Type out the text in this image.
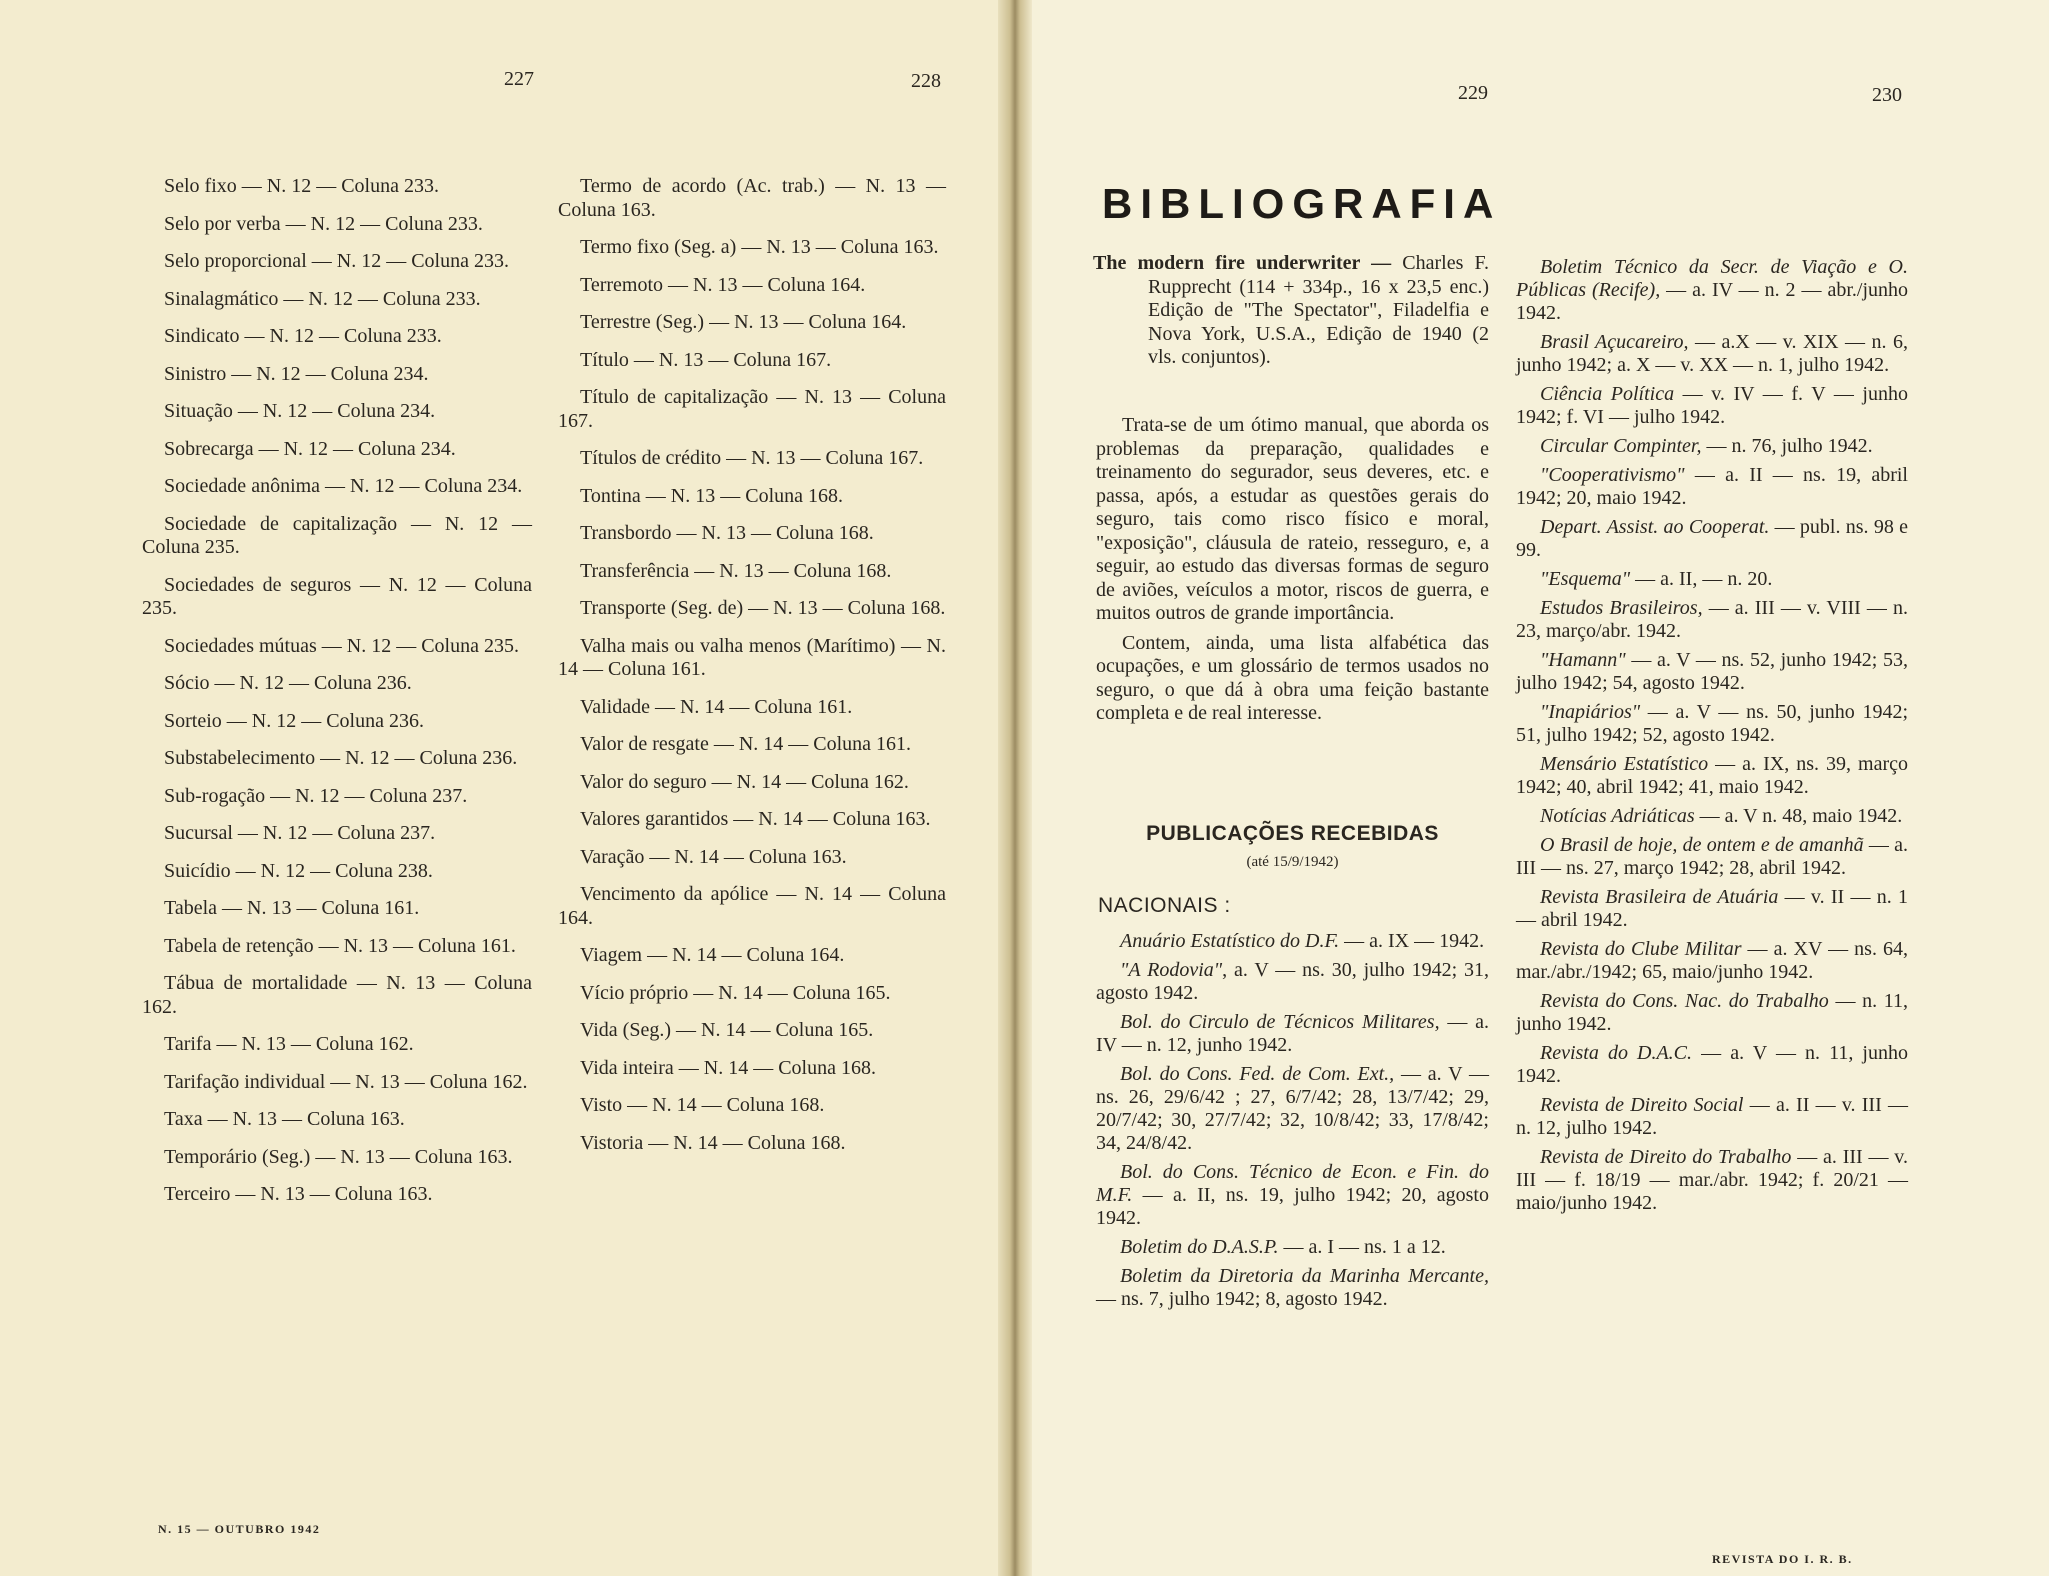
227	228

Selo fixo — N. 12 — Coluna 233.

Selo por verba — N. 12 — Coluna 233.

Selo proporcional — N. 12 — Coluna 233.

Sinalagmático — N. 12 — Coluna 233.

Sindicato — N. 12 — Coluna 233.

Sinistro — N. 12 — Coluna 234.

Situação — N. 12 — Coluna 234.

Sobrecarga — N. 12 — Coluna 234.

Sociedade anônima — N. 12 — Coluna 234.

Sociedade de capitalização — N. 12 — Coluna 235.

Sociedades de seguros — N. 12 — Coluna 235.

Sociedades mútuas — N. 12 — Coluna 235.

Sócio — N. 12 — Coluna 236.

Sorteio — N. 12 — Coluna 236.

Substabelecimento — N. 12 — Coluna 236.

Sub-rogação — N. 12 — Coluna 237.

Sucursal — N. 12 — Coluna 237.

Suicídio — N. 12 — Coluna 238.

Tabela — N. 13 — Coluna 161.

Tabela de retenção — N. 13 — Coluna 161.

Tábua de mortalidade — N. 13 — Coluna 162.

Tarifa — N. 13 — Coluna 162.

Tarifação individual — N. 13 — Coluna 162.

Taxa — N. 13 — Coluna 163.

Temporário (Seg.) — N. 13 — Coluna 163.

Terceiro — N. 13 — Coluna 163.

Termo de acordo (Ac. trab.) — N. 13 — Coluna 163.

Termo fixo (Seg. a) — N. 13 — Coluna 163.

Terremoto — N. 13 — Coluna 164.

Terrestre (Seg.) — N. 13 — Coluna 164.

Título — N. 13 — Coluna 167.

Título de capitalização — N. 13 — Coluna 167.

Títulos de crédito — N. 13 — Coluna 167.

Tontina — N. 13 — Coluna 168.

Transbordo — N. 13 — Coluna 168.

Transferência — N. 13 — Coluna 168.

Transporte (Seg. de) — N. 13 — Coluna 168.

Valha mais ou valha menos (Marítimo) — N. 14 — Coluna 161.

Validade — N. 14 — Coluna 161.

Valor de resgate — N. 14 — Coluna 161.

Valor do seguro — N. 14 — Coluna 162.

Valores garantidos — N. 14 — Coluna 163.

Varação — N. 14 — Coluna 163.

Vencimento da apólice — N. 14 — Coluna 164.

Viagem — N. 14 — Coluna 164.

Vício próprio — N. 14 — Coluna 165.

Vida (Seg.) — N. 14 — Coluna 165.

Vida inteira — N. 14 — Coluna 168.

Visto — N. 14 — Coluna 168.

Vistoria — N. 14 — Coluna 168.

N. 15 — OUTUBRO 1942
229	230
BIBLIOGRAFIA

The modern fire underwriter — Charles F. Rupprecht (114 + 334p., 16 x 23,5 enc.) Edição de "The Spectator", Filadelfia e Nova York, U.S.A., Edição de 1940 (2 vls. conjuntos).

Trata-se de um ótimo manual, que aborda os problemas da preparação, qualidades e treinamento do segurador, seus deveres, etc. e passa, após, a estudar as questões gerais do seguro, tais como risco físico e moral, "exposição", cláusula de rateio, resseguro, e, a seguir, ao estudo das diversas formas de seguro de aviões, veículos a motor, riscos de guerra, e muitos outros de grande importância.

Contem, ainda, uma lista alfabética das ocupações, e um glossário de termos usados no seguro, o que dá à obra uma feição bastante completa e de real interesse.

PUBLICAÇÕES RECEBIDAS
(até 15/9/1942)
NACIONAIS :

Anuário Estatístico do D.F. — a. IX — 1942.

"A Rodovia", a. V — ns. 30, julho 1942; 31, agosto 1942.

Bol. do Circulo de Técnicos Militares, — a. IV — n. 12, junho 1942.

Bol. do Cons. Fed. de Com. Ext., — a. V — ns. 26, 29/6/42 ; 27, 6/7/42; 28, 13/7/42; 29, 20/7/42; 30, 27/7/42; 32, 10/8/42; 33, 17/8/42; 34, 24/8/42.

Bol. do Cons. Técnico de Econ. e Fin. do M.F. — a. II, ns. 19, julho 1942; 20, agosto 1942.

Boletim do D.A.S.P. — a. I — ns. 1 a 12.

Boletim da Diretoria da Marinha Mercante, — ns. 7, julho 1942; 8, agosto 1942.

Boletim Técnico da Secr. de Viação e O. Públicas (Recife), — a. IV — n. 2 — abr./junho 1942.

Brasil Açucareiro, — a.X — v. XIX — n. 6, junho 1942; a. X — v. XX — n. 1, julho 1942.

Ciência Política — v. IV — f. V — junho 1942; f. VI — julho 1942.

Circular Compinter, — n. 76, julho 1942.

"Cooperativismo" — a. II — ns. 19, abril 1942; 20, maio 1942.

Depart. Assist. ao Cooperat. — publ. ns. 98 e 99.

"Esquema" — a. II, — n. 20.

Estudos Brasileiros, — a. III — v. VIII — n. 23, março/abr. 1942.

"Hamann" — a. V — ns. 52, junho 1942; 53, julho 1942; 54, agosto 1942.

"Inapiários" — a. V — ns. 50, junho 1942; 51, julho 1942; 52, agosto 1942.

Mensário Estatístico — a. IX, ns. 39, março 1942; 40, abril 1942; 41, maio 1942.

Notícias Adriáticas — a. V n. 48, maio 1942.

O Brasil de hoje, de ontem e de amanhã — a. III — ns. 27, março 1942; 28, abril 1942.

Revista Brasileira de Atuária — v. II — n. 1 — abril 1942.

Revista do Clube Militar — a. XV — ns. 64, mar./abr./1942; 65, maio/junho 1942.

Revista do Cons. Nac. do Trabalho — n. 11, junho 1942.

Revista do D.A.C. — a. V — n. 11, junho 1942.

Revista de Direito Social — a. II — v. III — n. 12, julho 1942.

Revista de Direito do Trabalho — a. III — v. III — f. 18/19 — mar./abr. 1942; f. 20/21 — maio/junho 1942.

REVISTA DO I. R. B.
